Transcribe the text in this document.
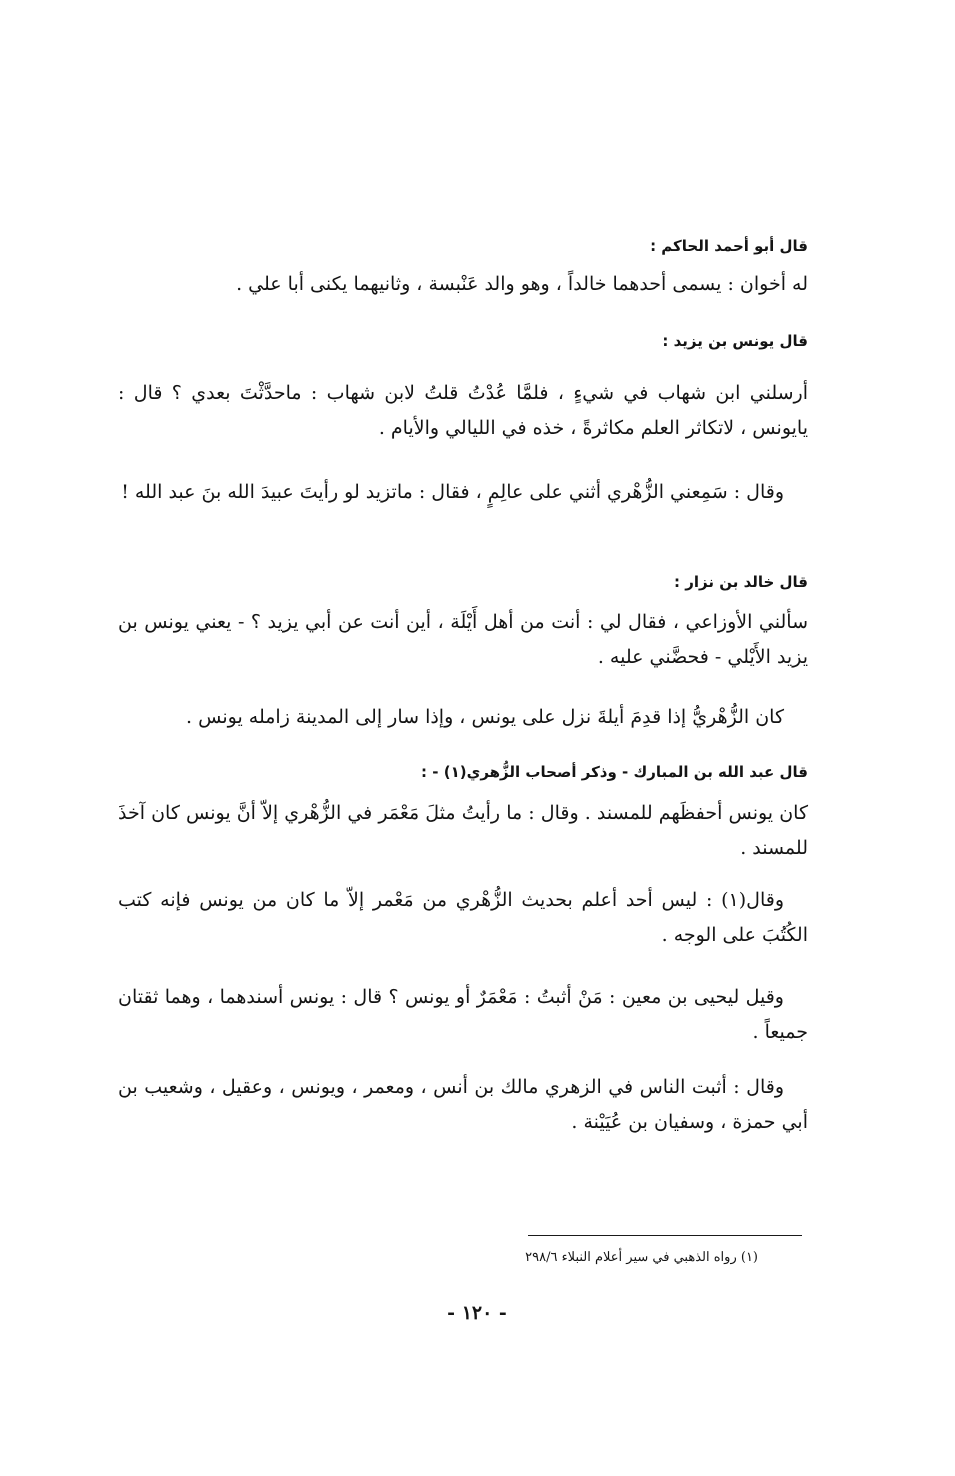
قال أبو أحمد الحاكم :
له أخوان : يسمى أحدهما خالداً ، وهو والد عَنْبسة ، وثانيهما يكنى أبا علي .
قال يونس بن يزيد :
أرسلني ابن شهاب في شيءٍ ، فلمَّا عُدْتُ قلتُ لابن شهاب : ماحدَّثْتَ بعدي ؟ قال : يايونس ، لاتكاثر العلم مكاثرةً ، خذه في الليالي والأيام .
وقال : سَمِعني الزُّهْري أثني على عالِمٍ ، فقال : ماتزيد لو رأيتَ عبيدَ الله بنَ عبد الله !
قال خالد بن نزار :
سألني الأوزاعي ، فقال لي : أنت من أهل أَيْلَة ، أين أنت عن أبي يزيد ؟ - يعني يونس بن يزيد الأَيْلي - فحضَّني عليه .
كان الزُّهْريُّ إذا قدِمَ أيلةَ نزل على يونس ، وإذا سار إلى المدينة زامله يونس .
قال عبد الله بن المبارك - وذكر أصحاب الزُّهري(١) - :
كان يونس أحفظَهم للمسند . وقال : ما رأيتُ مثلَ مَعْمَر في الزُّهْري إلاّ أنَّ يونس كان آخذَ للمسند .
وقال(١) : ليس أحد أعلم بحديث الزُّهْري من مَعْمر إلاّ ما كان من يونس فإنه كتب الكُتُبَ على الوجه .
وقيل ليحيى بن معين : مَنْ أثبتُ : مَعْمَرٌ أو يونس ؟ قال : يونس أسندهما ، وهما ثقتان جميعاً .
وقال : أثبت الناس في الزهري مالك بن أنس ، ومعمر ، ويونس ، وعقيل ، وشعيب بن أبي حمزة ، وسفيان بن عُيَيْنة .
(١) رواه الذهبي في سير أعلام النبلاء ٢٩٨/٦
- ١٢٠ -
